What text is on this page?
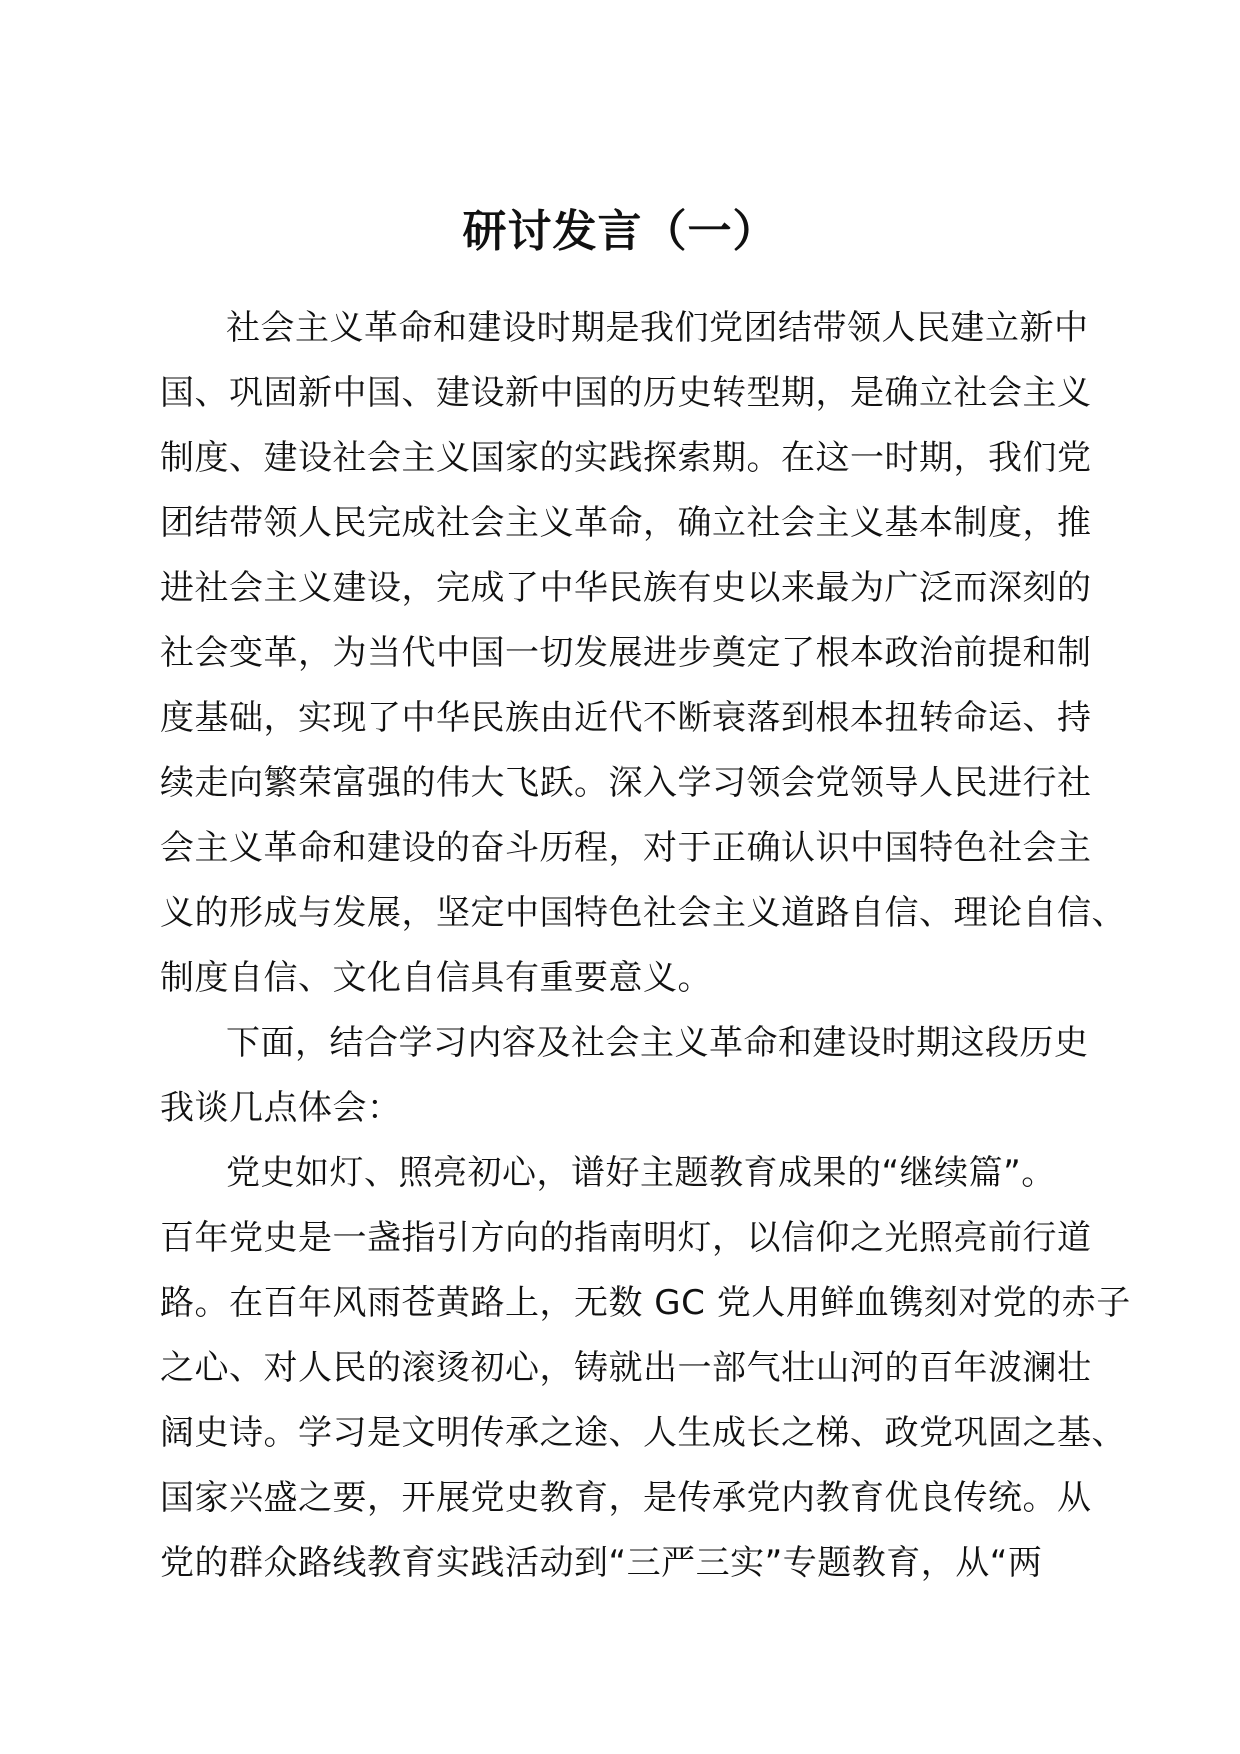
研讨发言（一）
社会主义革命和建设时期是我们党团结带领人民建立新中
国、巩固新中国、建设新中国的历史转型期，是确立社会主义
制度、建设社会主义国家的实践探索期。在这一时期，我们党
团结带领人民完成社会主义革命，确立社会主义基本制度，推
进社会主义建设，完成了中华民族有史以来最为广泛而深刻的
社会变革，为当代中国一切发展进步奠定了根本政治前提和制
度基础，实现了中华民族由近代不断衰落到根本扭转命运、持
续走向繁荣富强的伟大飞跃。深入学习领会党领导人民进行社
会主义革命和建设的奋斗历程，对于正确认识中国特色社会主
义的形成与发展，坚定中国特色社会主义道路自信、理论自信、
制度自信、文化自信具有重要意义。
下面，结合学习内容及社会主义革命和建设时期这段历史
我谈几点体会：
党史如灯、照亮初心，谱好主题教育成果的“继续篇”。
百年党史是一盏指引方向的指南明灯，以信仰之光照亮前行道
路。在百年风雨苍黄路上，无数 GC 党人用鲜血镌刻对党的赤子
之心、对人民的滚烫初心，铸就出一部气壮山河的百年波澜壮
阔史诗。学习是文明传承之途、人生成长之梯、政党巩固之基、
国家兴盛之要，开展党史教育，是传承党内教育优良传统。从
党的群众路线教育实践活动到“三严三实”专题教育，从“两
